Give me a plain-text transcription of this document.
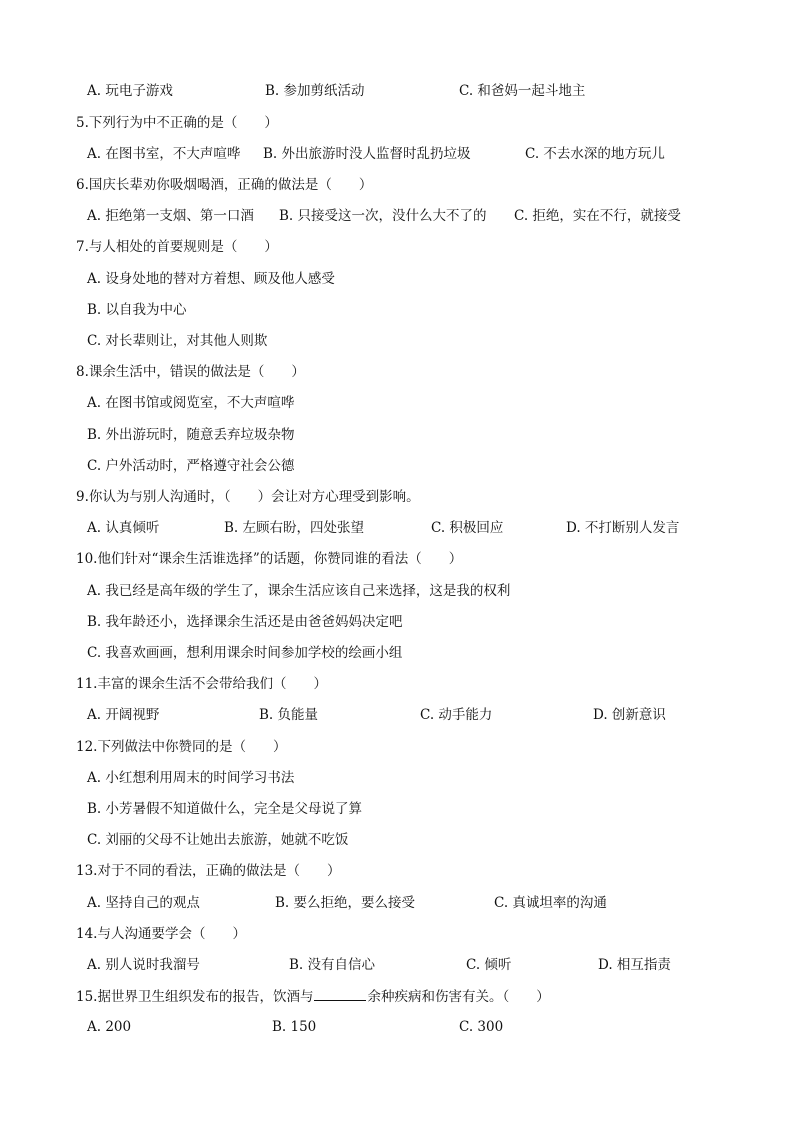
A. 玩电子游戏	B. 参加剪纸活动	C. 和爸妈一起斗地主
5.下列行为中不正确的是（　　）
A. 在图书室，不大声喧哗 B. 外出旅游时没人监督时乱扔垃圾	C. 不去水深的地方玩儿
6.国庆长辈劝你吸烟喝酒，正确的做法是（　　）
A. 拒绝第一支烟、第一口酒 B. 只接受这一次，没什么大不了的 C. 拒绝，实在不行，就接受
7.与人相处的首要规则是（　　）
A. 设身处地的替对方着想、顾及他人感受
B. 以自我为中心
C. 对长辈则让，对其他人则欺
8.课余生活中，错误的做法是（　　）
A. 在图书馆或阅览室，不大声喧哗
B. 外出游玩时，随意丢弃垃圾杂物
C. 户外活动时，严格遵守社会公德
9.你认为与别人沟通时，（　　）会让对方心理受到影响。
A. 认真倾听	B. 左顾右盼，四处张望	C. 积极回应	D. 不打断别人发言
10.他们针对“课余生活谁选择”的话题，你赞同谁的看法（　　）
A. 我已经是高年级的学生了，课余生活应该自己来选择，这是我的权利
B. 我年龄还小，选择课余生活还是由爸爸妈妈决定吧
C. 我喜欢画画，想利用课余时间参加学校的绘画小组
11.丰富的课余生活不会带给我们（　　）
A. 开阔视野	B. 负能量	C. 动手能力	D. 创新意识
12.下列做法中你赞同的是（　　）
A. 小红想利用周末的时间学习书法
B. 小芳暑假不知道做什么，完全是父母说了算
C. 刘丽的父母不让她出去旅游，她就不吃饭
13.对于不同的看法，正确的做法是（　　）
A. 坚持自己的观点	B. 要么拒绝，要么接受	C. 真诚坦率的沟通
14.与人沟通要学会（　　）
A. 别人说时我溜号	B. 没有自信心	C. 倾听	D. 相互指责
15.据世界卫生组织发布的报告，饮酒与	余种疾病和伤害有关。（　　）
A. 200	B. 150	C. 300
